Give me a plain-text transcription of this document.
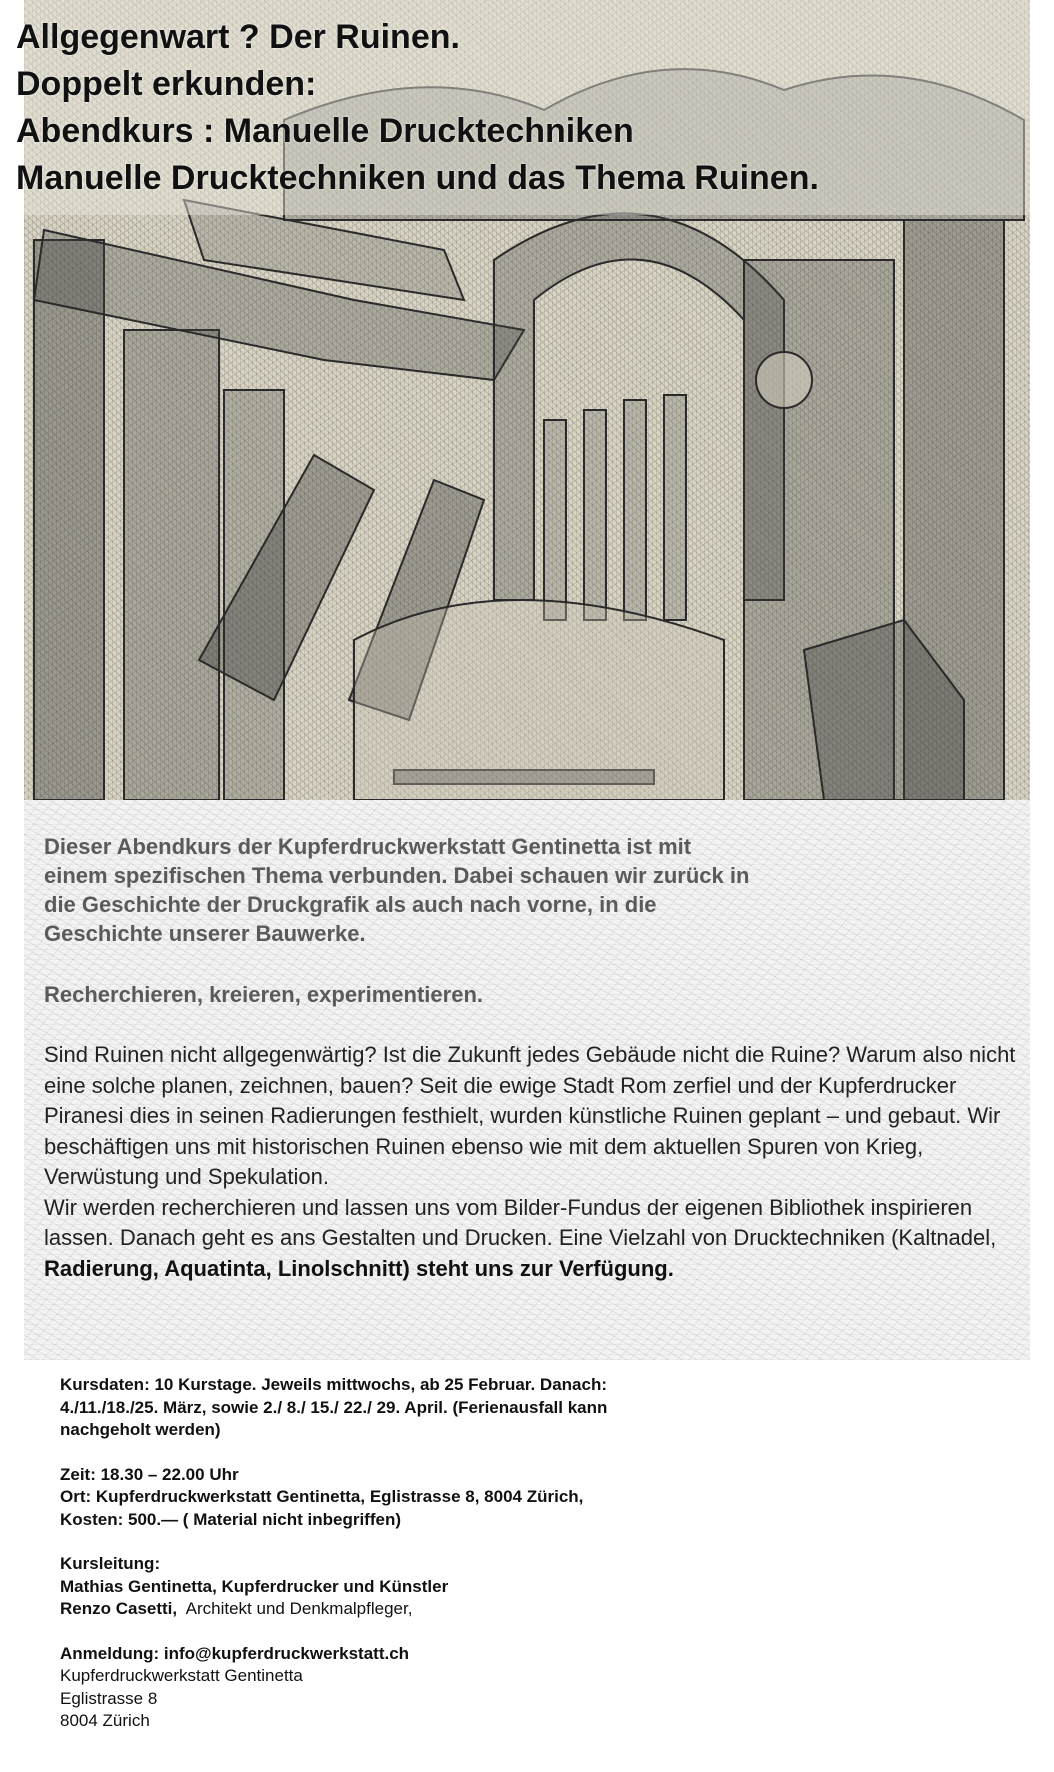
Allgegenwart ? Der Ruinen.
Doppelt erkunden:
Abendkurs : Manuelle Drucktechniken
Manuelle Drucktechniken und das Thema Ruinen.

Dieser Abendkurs der Kupferdruckwerkstatt Gentinetta ist mit
einem spezifischen Thema verbunden. Dabei schauen wir zurück in
die Geschichte der Druckgrafik als auch nach vorne, in die
Geschichte unserer Bauwerke.

Recherchieren, kreieren, experimentieren.

Sind Ruinen nicht allgegenwärtig? Ist die Zukunft jedes Gebäude nicht die Ruine? Warum also nicht eine solche planen, zeichnen, bauen? Seit die ewige Stadt Rom zerfiel und der Kupferdrucker Piranesi dies in seinen Radierungen festhielt, wurden künstliche Ruinen geplant – und gebaut. Wir beschäftigen uns mit historischen Ruinen ebenso wie mit dem aktuellen Spuren von Krieg, Verwüstung und Spekulation.
Wir werden recherchieren und lassen uns vom Bilder-Fundus der eigenen Bibliothek inspirieren lassen. Danach geht es ans Gestalten und Drucken. Eine Vielzahl von Drucktechniken (Kaltnadel, Radierung, Aquatinta, Linolschnitt) steht uns zur Verfügung.
Kursdaten: 10 Kurstage. Jeweils mittwochs, ab 25 Februar. Danach:
4./11./18./25. März, sowie 2./ 8./ 15./ 22./ 29. April. (Ferienausfall kann
nachgeholt werden)
Zeit: 18.30 – 22.00 Uhr
Ort: Kupferdruckwerkstatt Gentinetta, Eglistrasse 8, 8004 Zürich,
Kosten: 500.— ( Material nicht inbegriffen)
Kursleitung:
Mathias Gentinetta, Kupferdrucker und Künstler
Renzo Casetti,  Architekt und Denkmalpfleger,
Anmeldung: info@kupferdruckwerkstatt.ch
Kupferdruckwerkstatt Gentinetta
Eglistrasse 8
8004 Zürich
